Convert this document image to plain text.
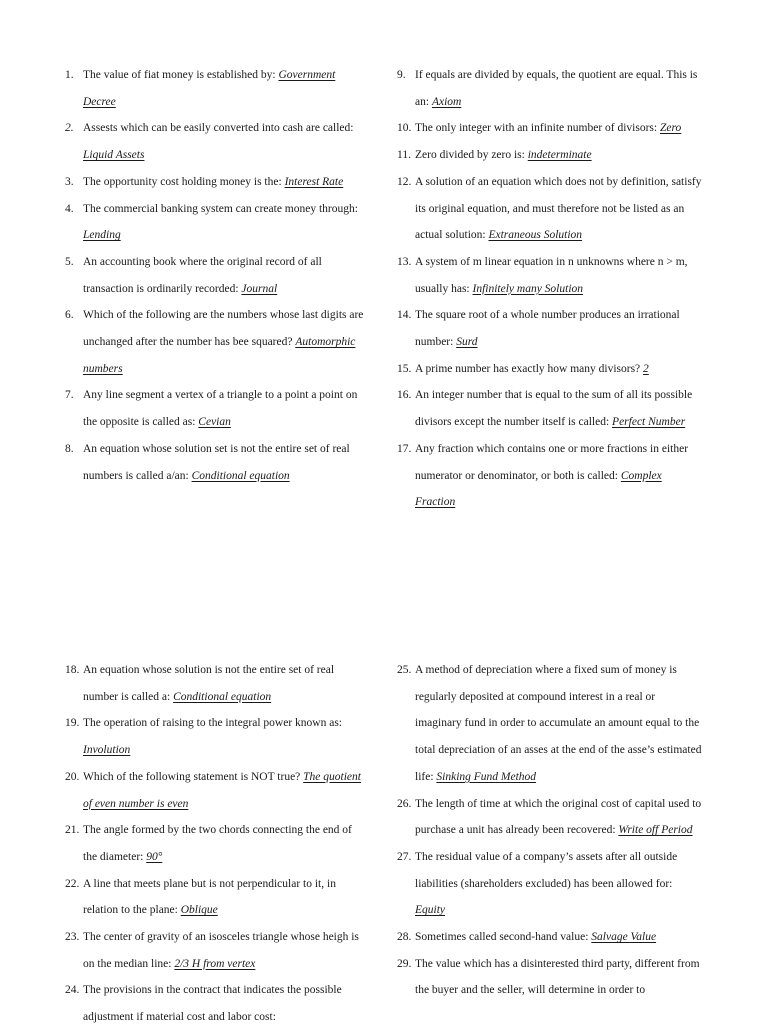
1. The value of fiat money is established by: Government Decree
2. Assests which can be easily converted into cash are called: Liquid Assets
3. The opportunity cost holding money is the: Interest Rate
4. The commercial banking system can create money through: Lending
5. An accounting book where the original record of all transaction is ordinarily recorded: Journal
6. Which of the following are the numbers whose last digits are unchanged after the number has bee squared? Automorphic numbers
7. Any line segment a vertex of a triangle to a point a point on the opposite is called as: Cevian
8. An equation whose solution set is not the entire set of real numbers is called a/an: Conditional equation
9. If equals are divided by equals, the quotient are equal. This is an: Axiom
10. The only integer with an infinite number of divisors: Zero
11. Zero divided by zero is: indeterminate
12. A solution of an equation which does not by definition, satisfy its original equation, and must therefore not be listed as an actual solution: Extraneous Solution
13. A system of m linear equation in n unknowns where n > m, usually has: Infinitely many Solution
14. The square root of a whole number produces an irrational number: Surd
15. A prime number has exactly how many divisors? 2
16. An integer number that is equal to the sum of all its possible divisors except the number itself is called: Perfect Number
17. Any fraction which contains one or more fractions in either numerator or denominator, or both is called: Complex Fraction
18. An equation whose solution is not the entire set of real number is called a: Conditional equation
19. The operation of raising to the integral power known as: Involution
20. Which of the following statement is NOT true? The quotient of even number is even
21. The angle formed by the two chords connecting the end of the diameter: 90°
22. A line that meets plane but is not perpendicular to it, in relation to the plane: Oblique
23. The center of gravity of an isosceles triangle whose heigh is on the median line: 2/3 H from vertex
24. The provisions in the contract that indicates the possible adjustment if material cost and labor cost:
25. A method of depreciation where a fixed sum of money is regularly deposited at compound interest in a real or imaginary fund in order to accumulate an amount equal to the total depreciation of an asses at the end of the asse’s estimated life: Sinking Fund Method
26. The length of time at which the original cost of capital used to purchase a unit has already been recovered: Write off Period
27. The residual value of a company’s assets after all outside liabilities (shareholders excluded) has been allowed for: Equity
28. Sometimes called second-hand value: Salvage Value
29. The value which has a disinterested third party, different from the buyer and the seller, will determine in order to
